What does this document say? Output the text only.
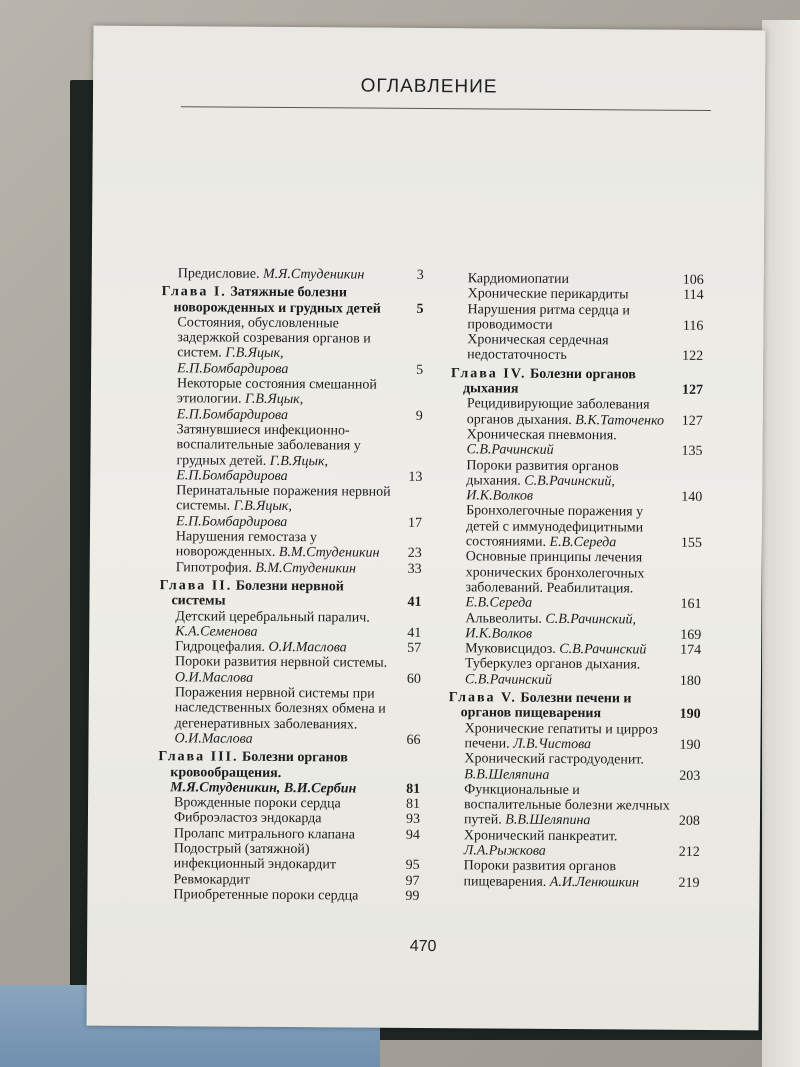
ОГЛАВЛЕНИЕ
Предисловие. М.Я.Студеникин	3
Глава I. Затяжные болезни новорожденных и грудных детей	5
Состояния, обусловленные задержкой созревания органов и систем. Г.В.Яцык, Е.П.Бомбардирова	5
Некоторые состояния смешанной этиологии. Г.В.Яцык, Е.П.Бомбардирова	9
Затянувшиеся инфекционно-воспалительные заболевания у грудных детей. Г.В.Яцык, Е.П.Бомбардирова	13
Перинатальные поражения нервной системы. Г.В.Яцык, Е.П.Бомбардирова	17
Нарушения гемостаза у новорожденных. В.М.Студеникин	23
Гипотрофия. В.М.Студеникин	33
Глава II. Болезни нервной системы	41
Детский церебральный паралич. К.А.Семенова	41
Гидроцефалия. О.И.Маслова	57
Пороки развития нервной системы. О.И.Маслова	60
Поражения нервной системы при наследственных болезнях обмена и дегенеративных заболеваниях. О.И.Маслова	66
Глава III. Болезни органов кровообращения. М.Я.Студеникин, В.И.Сербин	81
Врожденные пороки сердца	81
Фиброэластоз эндокарда	93
Пролапс митрального клапана	94
Подострый (затяжной) инфекционный эндокардит	95
Ревмокардит	97
Приобретенные пороки сердца	99
Кардиомиопатии	106
Хронические перикардиты	114
Нарушения ритма сердца и проводимости	116
Хроническая сердечная недостаточность	122
Глава IV. Болезни органов дыхания	127
Рецидивирующие заболевания органов дыхания. В.К.Таточенко	127
Хроническая пневмония. С.В.Рачинский	135
Пороки развития органов дыхания. С.В.Рачинский, И.К.Волков	140
Бронхолегочные поражения у детей с иммунодефицитными состояниями. Е.В.Середа	155
Основные принципы лечения хронических бронхолегочных заболеваний. Реабилитация. Е.В.Середа	161
Альвеолиты. С.В.Рачинский, И.К.Волков	169
Муковисцидоз. С.В.Рачинский	174
Туберкулез органов дыхания. С.В.Рачинский	180
Глава V. Болезни печени и органов пищеварения	190
Хронические гепатиты и цирроз печени. Л.В.Чистова	190
Хронический гастродуоденит. В.В.Шеляпина	203
Функциональные и воспалительные болезни желчных путей. В.В.Шеляпина	208
Хронический панкреатит. Л.А.Рыжкова	212
Пороки развития органов пищеварения. А.И.Ленюшкин	219
470
